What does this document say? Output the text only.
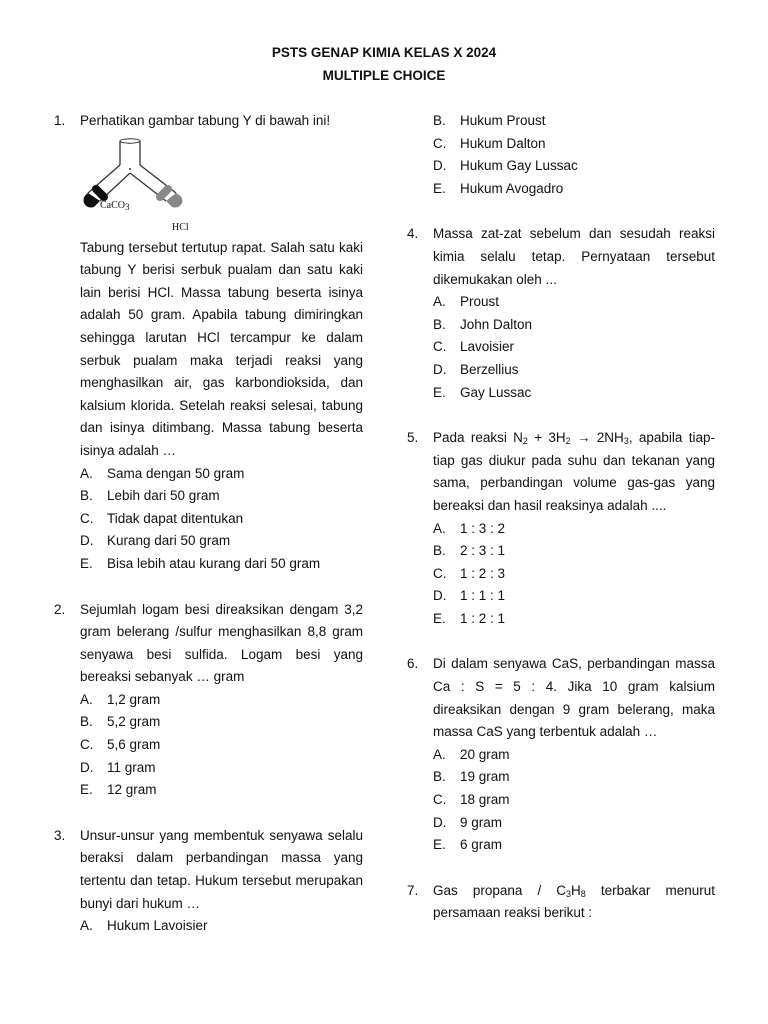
PSTS GENAP KIMIA KELAS X 2024
MULTIPLE CHOICE
1. Perhatikan gambar tabung Y di bawah ini!
CaCO$_3$
HCl
Tabung tersebut tertutup rapat. Salah satu kaki tabung Y berisi serbuk pualam dan satu kaki lain berisi HCl. Massa tabung beserta isinya adalah 50 gram. Apabila tabung dimiringkan sehingga larutan HCl tercampur ke dalam serbuk pualam maka terjadi reaksi yang menghasilkan air, gas karbondioksida, dan kalsium klorida. Setelah reaksi selesai, tabung dan isinya ditimbang. Massa tabung beserta isinya adalah …
A. Sama dengan 50 gram
B. Lebih dari 50 gram
C. Tidak dapat ditentukan
D. Kurang dari 50 gram
E. Bisa lebih atau kurang dari 50 gram
2. Sejumlah logam besi direaksikan dengam 3,2 gram belerang /sulfur menghasilkan 8,8 gram senyawa besi sulfida. Logam besi yang bereaksi sebanyak … gram
A. 1,2 gram
B. 5,2 gram
C. 5,6 gram
D. 11 gram
E. 12 gram
3. Unsur-unsur yang membentuk senyawa selalu beraksi dalam perbandingan massa yang tertentu dan tetap. Hukum tersebut merupakan bunyi dari hukum …
A. Hukum Lavoisier
B. Hukum Proust
C. Hukum Dalton
D. Hukum Gay Lussac
E. Hukum Avogadro
4. Massa zat-zat sebelum dan sesudah reaksi kimia selalu tetap. Pernyataan tersebut dikemukakan oleh ...
A. Proust
B. John Dalton
C. Lavoisier
D. Berzellius
E. Gay Lussac
5. Pada reaksi $N_2 + 3H_2 \to 2NH_3$, apabila tiap-tiap gas diukur pada suhu dan tekanan yang sama, perbandingan volume gas-gas yang bereaksi dan hasil reaksinya adalah ....
A. 1 : 3 : 2
B. 2 : 3 : 1
C. 1 : 2 : 3
D. 1 : 1 : 1
E. 1 : 2 : 1
6. Di dalam senyawa CaS, perbandingan massa Ca : S = 5 : 4. Jika 10 gram kalsium direaksikan dengan 9 gram belerang, maka massa CaS yang terbentuk adalah …
A. 20 gram
B. 19 gram
C. 18 gram
D. 9 gram
E. 6 gram
7. Gas propana / $C_3H_8$ terbakar menurut persamaan reaksi berikut :
